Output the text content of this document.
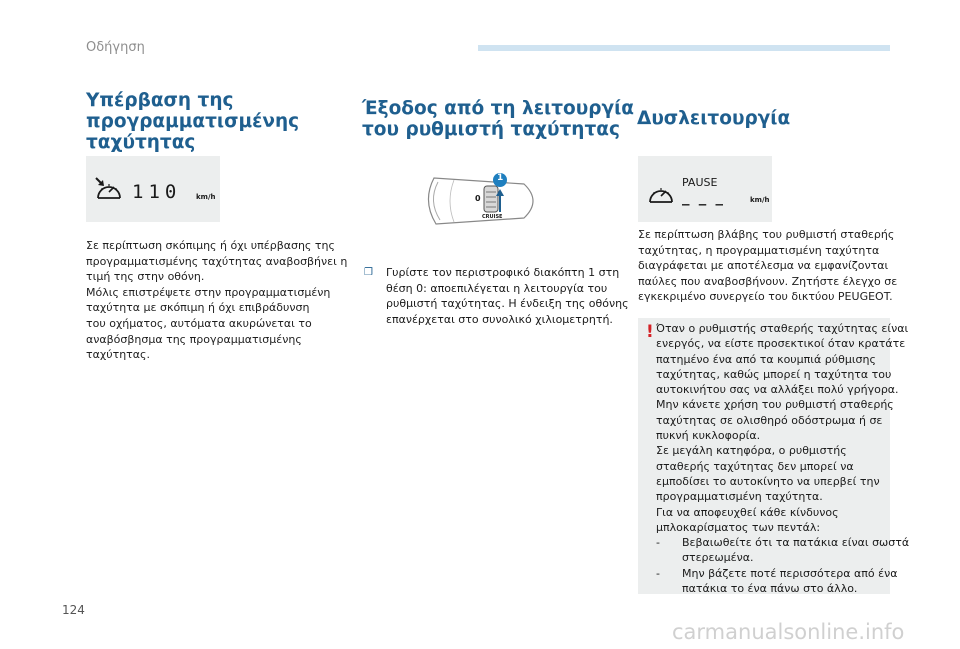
Οδήγηση
Υπέρβαση της
προγραμματισμένης
ταχύτητας
110 km/h
Σε περίπτωση σκόπιμης ή όχι υπέρβασης της
προγραμματισμένης ταχύτητας αναβοσβήνει η
τιμή της στην οθόνη.
Μόλις επιστρέψετε στην προγραμματισμένη
ταχύτητα με σκόπιμη ή όχι επιβράδυνση
του οχήματος, αυτόματα ακυρώνεται το
αναβόσβησμα της προγραμματισμένης
ταχύτητας.
Έξοδος από τη λειτουργία
του ρυθμιστή ταχύτητας
1
0
CRUISE
❒ Γυρίστε τον περιστροφικό διακόπτη 1 στη
θέση 0: αποεπιλέγεται η λειτουργία του
ρυθμιστή ταχύτητας. Η ένδειξη της οθόνης
επανέρχεται στο συνολικό χιλιομετρητή.
Δυσλειτουργία
PAUSE
_ _ _	km/h
Σε περίπτωση βλάβης του ρυθμιστή σταθερής
ταχύτητας, η προγραμματισμένη ταχύτητα
διαγράφεται με αποτέλεσμα να εμφανίζονται
παύλες που αναβοσβήνουν. Ζητήστε έλεγχο σε
εγκεκριμένο συνεργείο του δικτύου PEUGEOT.
! Όταν ο ρυθμιστής σταθερής ταχύτητας είναι
ενεργός, να είστε προσεκτικοί όταν κρατάτε
πατημένο ένα από τα κουμπιά ρύθμισης
ταχύτητας, καθώς μπορεί η ταχύτητα του
αυτοκινήτου σας να αλλάξει πολύ γρήγορα.
Μην κάνετε χρήση του ρυθμιστή σταθερής
ταχύτητας σε ολισθηρό οδόστρωμα ή σε
πυκνή κυκλοφορία.
Σε μεγάλη κατηφόρα, ο ρυθμιστής
σταθερής ταχύτητας δεν μπορεί να
εμποδίσει το αυτοκίνητο να υπερβεί την
προγραμματισμένη ταχύτητα.
Για να αποφευχθεί κάθε κίνδυνος
μπλοκαρίσματος των πεντάλ:
-	Βεβαιωθείτε ότι τα πατάκια είναι σωστά
στερεωμένα.
-	Μην βάζετε ποτέ περισσότερα από ένα
πατάκια το ένα πάνω στο άλλο.
124
carmanualsonline.info
